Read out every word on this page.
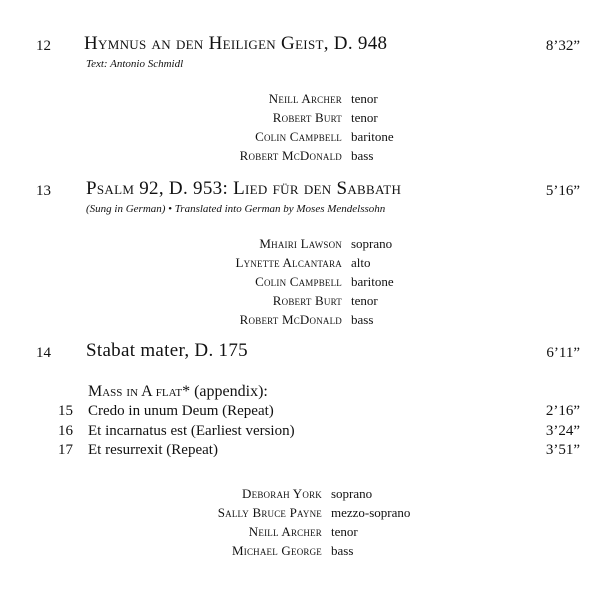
12 Hymnus an den Heiligen Geist, D. 948	8’32”
Text: Antonio Schmidl
Neill Archer tenor
Robert Burt tenor
Colin Campbell baritone
Robert McDonald bass
13 Psalm 92, D. 953: Lied für den Sabbath	5’16”
(Sung in German) • Translated into German by Moses Mendelssohn
Mhairi Lawson soprano
Lynette Alcantara alto
Colin Campbell baritone
Robert Burt tenor
Robert McDonald bass
14 Stabat mater, D. 175	6’11”
Mass in A flat* (appendix):
15 Credo in unum Deum (Repeat)	2’16”
16 Et incarnatus est (Earliest version)	3’24”
17 Et resurrexit (Repeat)	3’51”
Deborah York soprano
Sally Bruce Payne mezzo-soprano
Neill Archer tenor
Michael George bass
